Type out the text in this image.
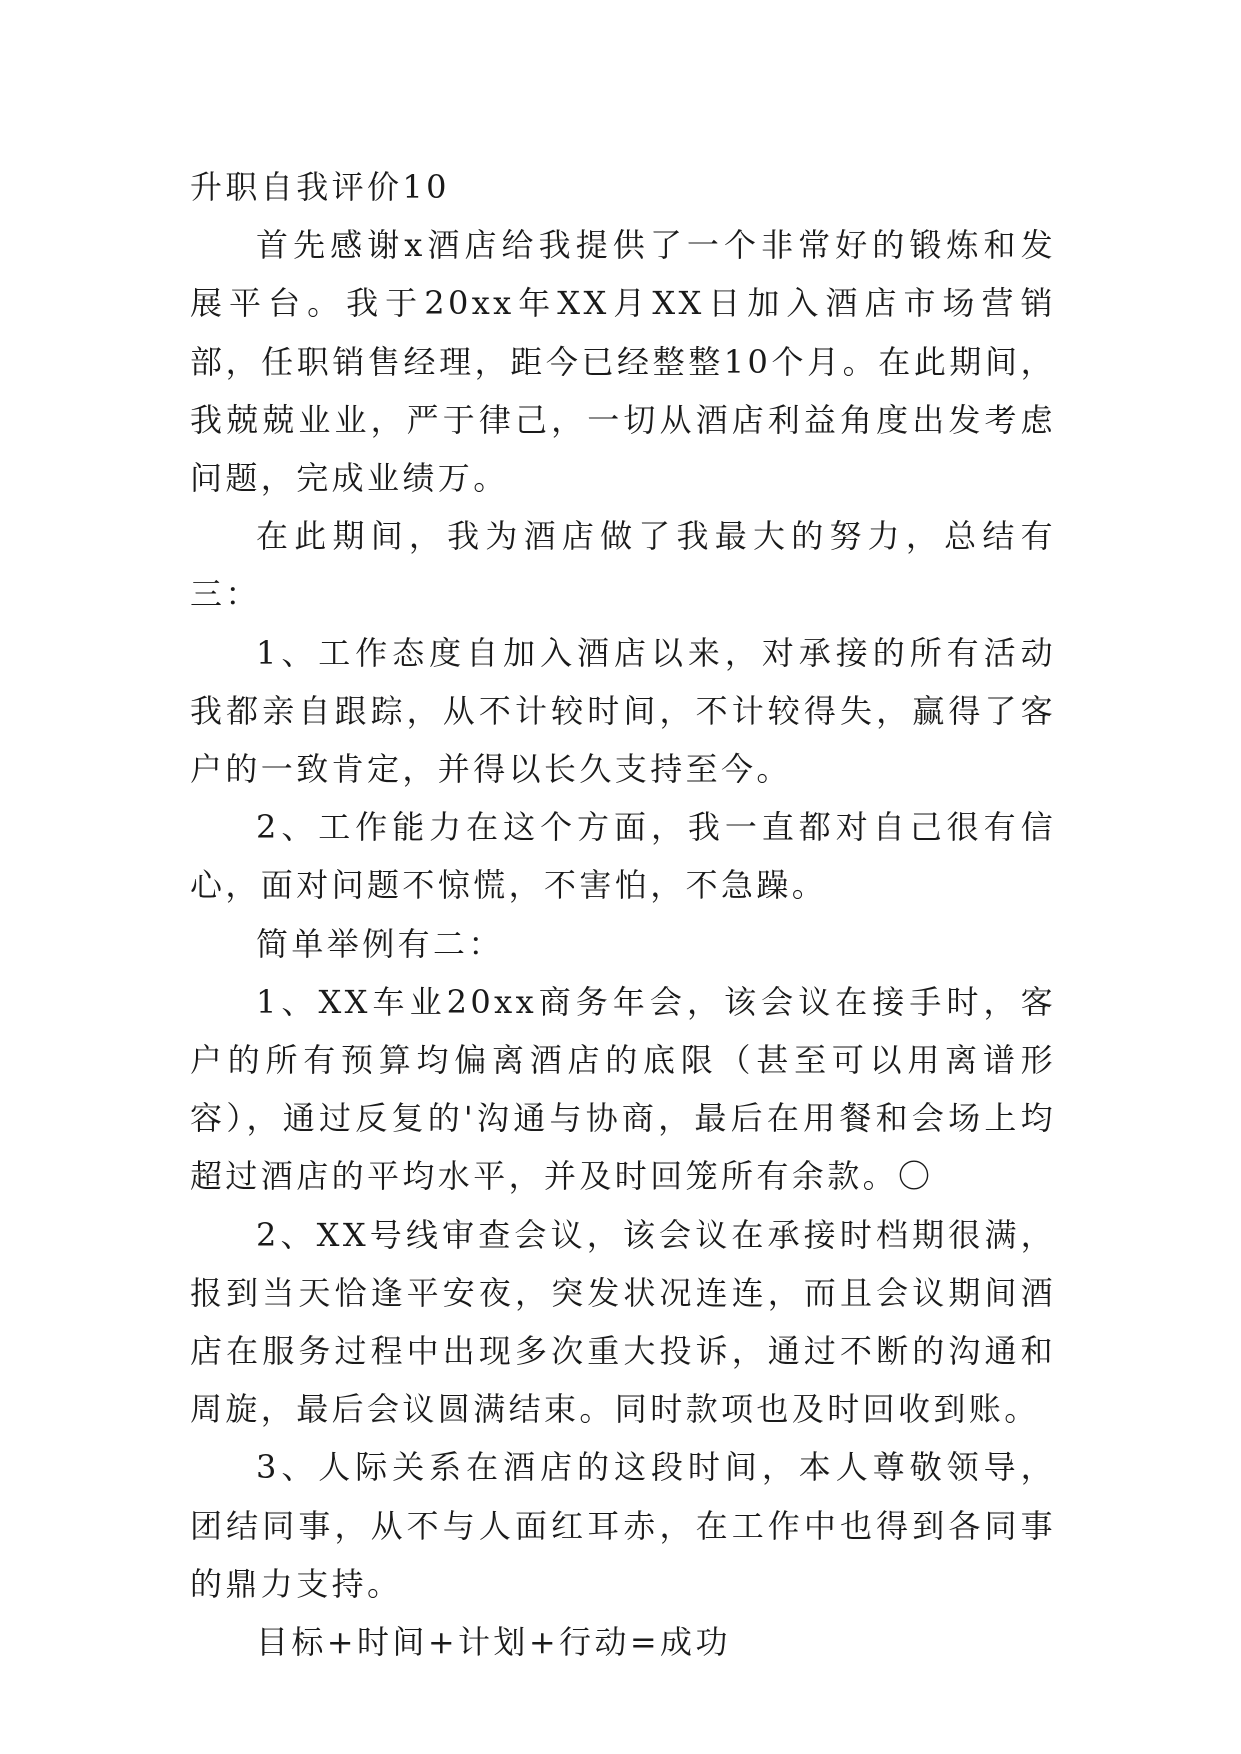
升职自我评价10

首先感谢x酒店给我提供了一个非常好的锻炼和发展平台。我于20xx年XX月XX日加入酒店市场营销部，任职销售经理，距今已经整整10个月。在此期间，我兢兢业业，严于律己，一切从酒店利益角度出发考虑问题，完成业绩万。

在此期间，我为酒店做了我最大的努力，总结有三：

1、工作态度自加入酒店以来，对承接的所有活动我都亲自跟踪，从不计较时间，不计较得失，赢得了客户的一致肯定，并得以长久支持至今。

2、工作能力在这个方面，我一直都对自己很有信心，面对问题不惊慌，不害怕，不急躁。

简单举例有二：

1、XX车业20xx商务年会，该会议在接手时，客户的所有预算均偏离酒店的底限（甚至可以用离谱形容），通过反复的'沟通与协商，最后在用餐和会场上均超过酒店的平均水平，并及时回笼所有余款。〇

2、XX号线审查会议，该会议在承接时档期很满，报到当天恰逢平安夜，突发状况连连，而且会议期间酒店在服务过程中出现多次重大投诉，通过不断的沟通和周旋，最后会议圆满结束。同时款项也及时回收到账。

3、人际关系在酒店的这段时间，本人尊敬领导，团结同事，从不与人面红耳赤，在工作中也得到各同事的鼎力支持。

目标+时间+计划+行动=成功
